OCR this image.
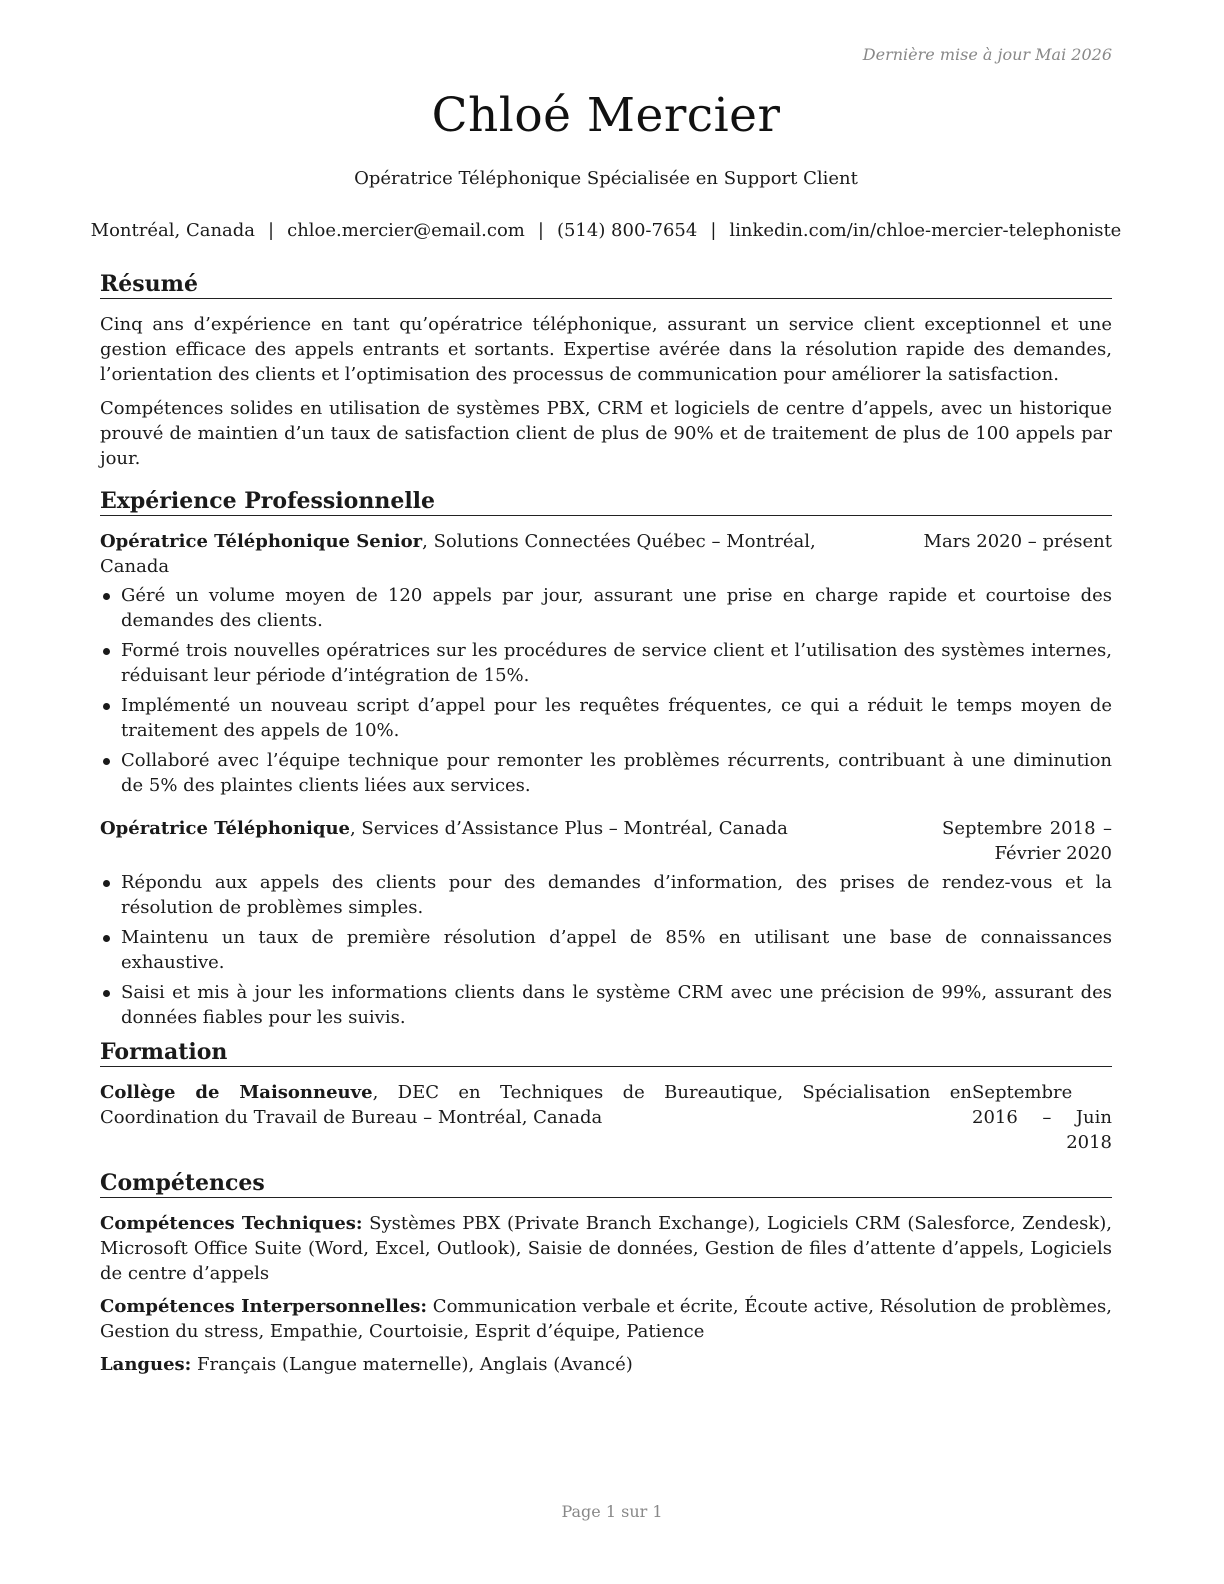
Dernière mise à jour Mai 2026
Chloé Mercier
Opératrice Téléphonique Spécialisée en Support Client
Montréal, Canada | chloe.mercier@email.com | (514) 800-7654 | linkedin.com/in/chloe-mercier-telephoniste
Résumé

Cinq ans d’expérience en tant qu’opératrice téléphonique, assurant un service client exceptionnel et une gestion efficace des appels entrants et sortants. Expertise avérée dans la résolution rapide des demandes, l’orientation des clients et l’optimisation des processus de communication pour améliorer la satisfaction.

Compétences solides en utilisation de systèmes PBX, CRM et logiciels de centre d’appels, avec un historique prouvé de maintien d’un taux de satisfaction client de plus de 90% et de traitement de plus de 100 appels par jour.

Expérience Professionnelle
Opératrice Téléphonique Senior, Solutions Connectées Québec – Montréal, Canada
Mars 2020 – présent
Géré un volume moyen de 120 appels par jour, assurant une prise en charge rapide et courtoise des demandes des clients.
Formé trois nouvelles opératrices sur les procédures de service client et l’utilisation des systèmes internes, réduisant leur période d’intégration de 15%.
Implémenté un nouveau script d’appel pour les requêtes fréquentes, ce qui a réduit le temps moyen de traitement des appels de 10%.
Collaboré avec l’équipe technique pour remonter les problèmes récurrents, contribuant à une diminution de 5% des plaintes clients liées aux services.
Opératrice Téléphonique, Services d’Assistance Plus – Montréal, Canada	Septembre 2018 – Février 2020
Répondu aux appels des clients pour des demandes d’information, des prises de rendez-vous et la résolution de problèmes simples.
Maintenu un taux de première résolution d’appel de 85% en utilisant une base de connaissances exhaustive.
Saisi et mis à jour les informations clients dans le système CRM avec une précision de 99%, assurant des données fiables pour les suivis.
Formation
Collège de Maisonneuve, DEC en Techniques de Bureautique, Spécialisation en Coordination du Travail de Bureau – Montréal, Canada
Septembre 2016 – Juin 2018
Compétences
Compétences Techniques: Systèmes PBX (Private Branch Exchange), Logiciels CRM (Salesforce, Zendesk), Microsoft Office Suite (Word, Excel, Outlook), Saisie de données, Gestion de files d’attente d’appels, Logiciels de centre d’appels
Compétences Interpersonnelles: Communication verbale et écrite, Écoute active, Résolution de problèmes, Gestion du stress, Empathie, Courtoisie, Esprit d’équipe, Patience
Langues: Français (Langue maternelle), Anglais (Avancé)
Page 1 sur 1
